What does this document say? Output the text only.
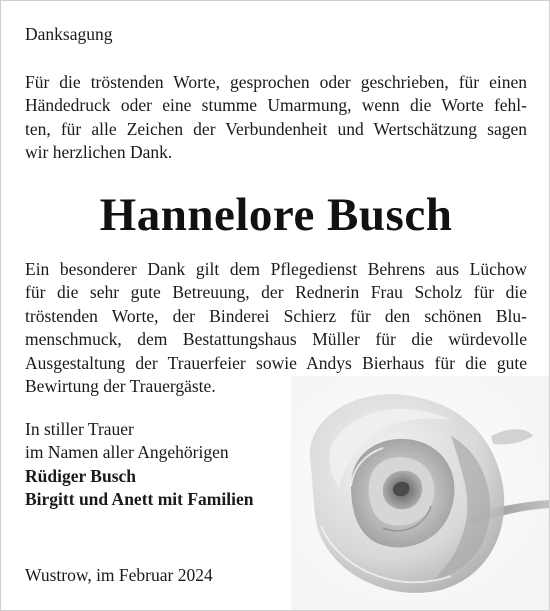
Danksagung
Für die tröstenden Worte, gesprochen oder geschrieben, für einen
Händedruck oder eine stumme Umarmung, wenn die Worte fehl-
ten, für alle Zeichen der Verbundenheit und Wertschätzung sagen
wir herzlichen Dank.
Hannelore Busch
Ein besonderer Dank gilt dem Pflegedienst Behrens aus Lüchow
für die sehr gute Betreuung, der Rednerin Frau Scholz für die
tröstenden Worte, der Binderei Schierz für den schönen Blu-
menschmuck, dem Bestattungshaus Müller für die würdevolle
Ausgestaltung der Trauerfeier sowie Andys Bierhaus für die gute
Bewirtung der Trauergäste.
In stiller Trauer
im Namen aller Angehörigen
Rüdiger Busch
Birgitt und Anett mit Familien
Wustrow, im Februar 2024
